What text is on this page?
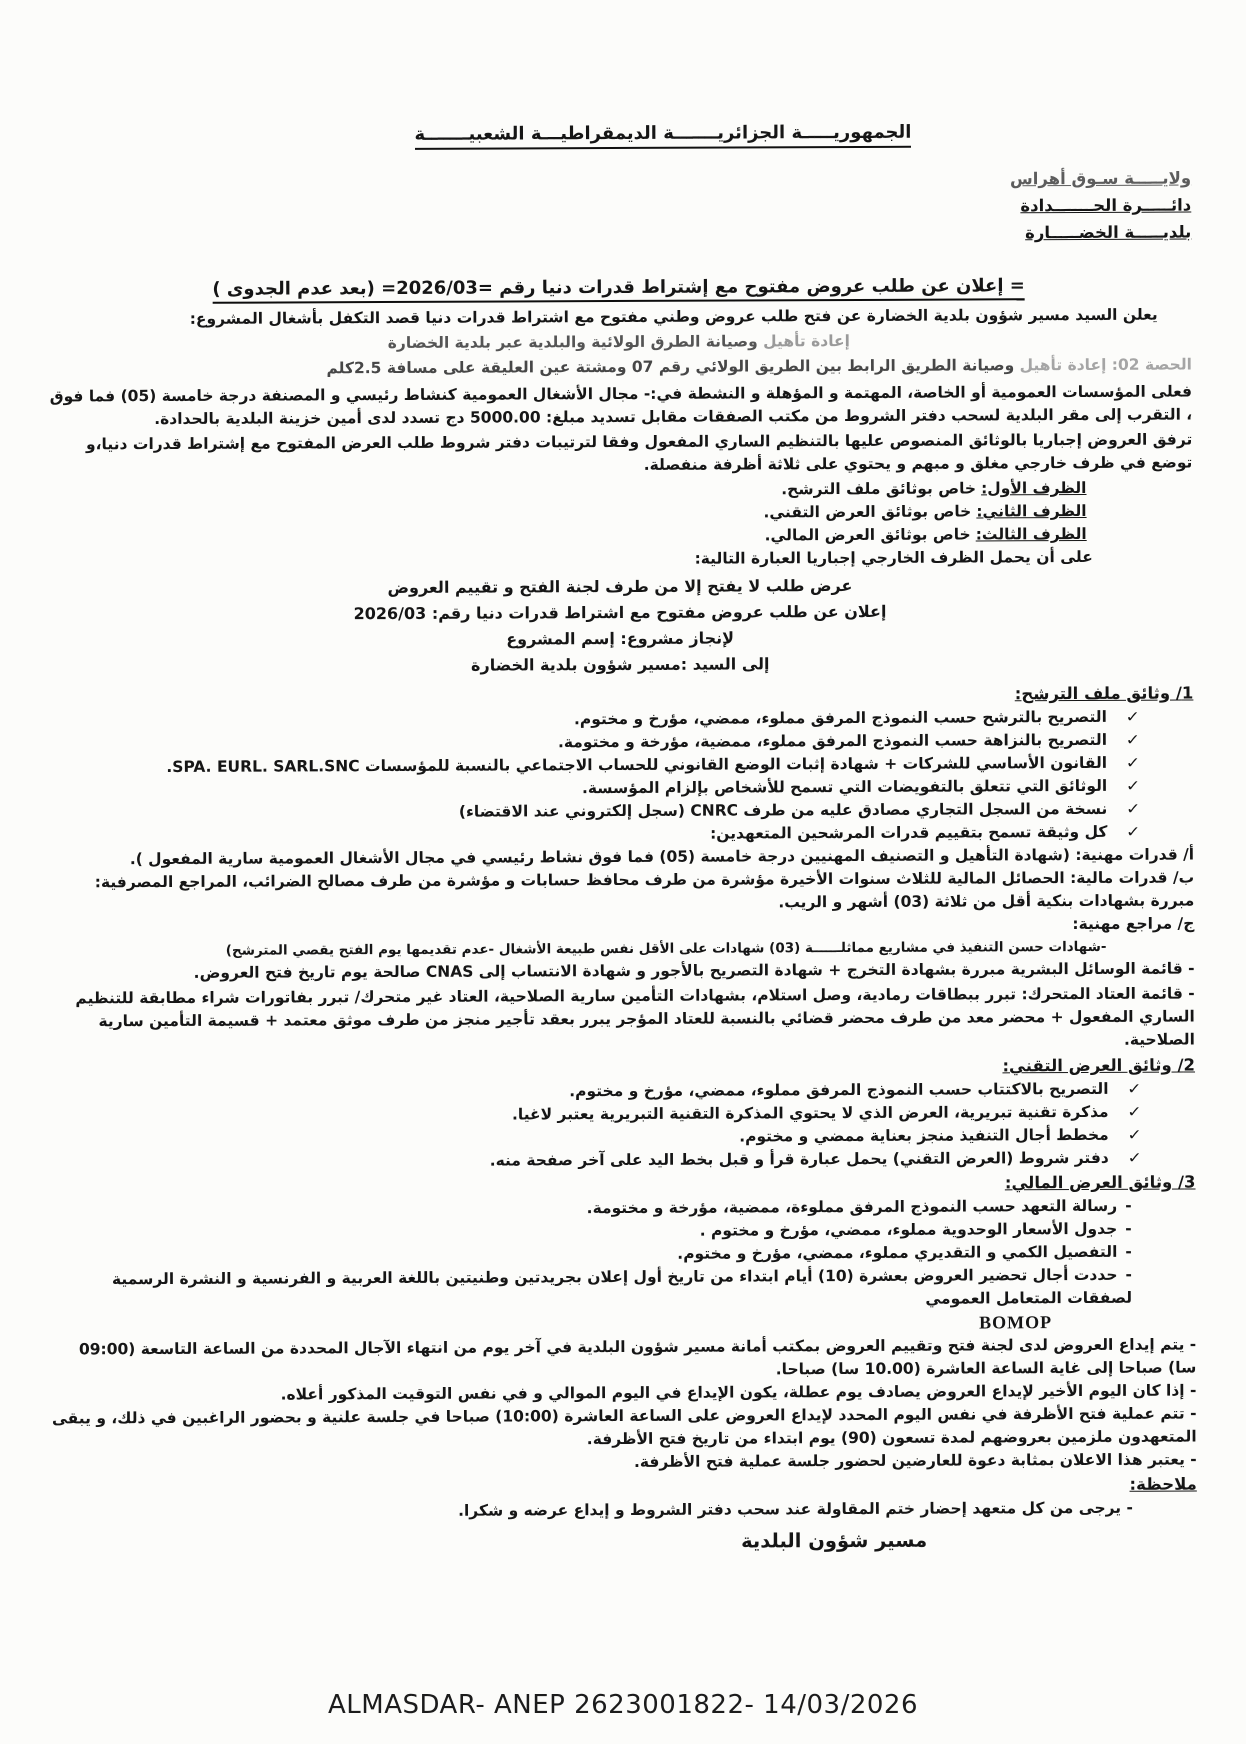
الجمهوريـــــة الجزائريـــــــة الديمقراطيـــة الشعبيـــــــة
ولايـــــة سـوق أهراس
دائـــــرة الحـــــــدادة
بلديـــــة الخضـــــارة
= إعلان عن طلب عروض مفتوح مع إشتراط قدرات دنيا رقم =2026/03= (بعد عدم الجدوى )

يعلن السيد مسير شؤون بلدية الخضارة عن فتح طلب عروض وطني مفتوح مع اشتراط قدرات دنيا قصد التكفل بأشغال المشروع:

إعادة تأهيل وصيانة الطرق الولائية والبلدية عبر بلدية الخضارة

الحصة 02: إعادة تأهيل وصيانة الطريق الرابط بين الطريق الولائي رقم 07 ومشتة عين العليقة على مسافة 2.5كلم

فعلى المؤسسات العمومية أو الخاصة، المهتمة و المؤهلة و النشطة في:- مجال الأشغال العمومية كنشاط رئيسي و المصنفة درجة خامسة (05) فما فوق ، التقرب إلى مقر البلدية لسحب دفتر الشروط من مكتب الصفقات مقابل تسديد مبلغ: 5000.00 دج تسدد لدى أمين خزينة البلدية بالحدادة.

ترفق العروض إجباريا بالوثائق المنصوص عليها بالتنظيم الساري المفعول وفقا لترتيبات دفتر شروط طلب العرض المفتوح مع إشتراط قدرات دنيا،و توضع في ظرف خارجي مغلق و مبهم و يحتوي على ثلاثة أظرفة منفصلة.

الظرف الأول:خاص بوثائق ملف الترشح.

الظرف الثاني:خاص بوثائق العرض التقني.

الظرف الثالث:خاص بوثائق العرض المالي.

على أن يحمل الظرف الخارجي إجباريا العبارة التالية:

عرض طلب لا يفتح إلا من طرف لجنة الفتح و تقييم العروض
إعلان عن طلب عروض مفتوح مع اشتراط قدرات دنيا رقم: 2026/03
لإنجاز مشروع: إسم المشروع
إلى السيد :مسير شؤون بلدية الخضارة

1/ وثائق ملف الترشح:

✓التصريح بالترشح حسب النموذج المرفق مملوء، ممضي، مؤرخ و مختوم.
✓التصريح بالنزاهة حسب النموذج المرفق مملوء، ممضية، مؤرخة و مختومة.
✓القانون الأساسي للشركات + شهادة إثبات الوضع القانوني للحساب الاجتماعي بالنسبة للمؤسسات SPA. EURL. SARL.SNC.
✓الوثائق التي تتعلق بالتفويضات التي تسمح للأشخاص بإلزام المؤسسة.
✓نسخة من السجل التجاري مصادق عليه من طرف CNRC (سجل إلكتروني عند الاقتضاء)
✓كل وثيقة تسمح بتقييم قدرات المرشحين المتعهدين:

أ/ قدرات مهنية: (شهادة التأهيل و التصنيف المهنيين درجة خامسة (05) فما فوق نشاط رئيسي في مجال الأشغال العمومية سارية المفعول ).

ب/ قدرات مالية: الحصائل المالية للثلاث سنوات الأخيرة مؤشرة من طرف محافظ حسابات و مؤشرة من طرف مصالح الضرائب، المراجع المصرفية: مبررة بشهادات بنكية أقل من ثلاثة (03) أشهر و الريب.

ج/ مراجع مهنية:

-شهادات حسن التنفيذ في مشاريع مماثلــــــة (03) شهادات على الأقل نفس طبيعة الأشغال -عدم تقديمها يوم الفتح يقصي المترشح)

- قائمة الوسائل البشرية مبررة بشهادة التخرج + شهادة التصريح بالأجور و شهادة الانتساب إلى CNAS صالحة يوم تاريخ فتح العروض.

- قائمة العتاد المتحرك: تبرر ببطاقات رمادية، وصل استلام، بشهادات التأمين سارية الصلاحية، العتاد غير متحرك/ تبرر بفاتورات شراء مطابقة للتنظيم الساري المفعول + محضر معد من طرف محضر قضائي بالنسبة للعتاد المؤجر يبرر بعقد تأجير منجز من طرف موثق معتمد + قسيمة التأمين سارية الصلاحية.

2/ وثائق العرض التقني:

✓التصريح بالاكتتاب حسب النموذج المرفق مملوء، ممضي، مؤرخ و مختوم.
✓مذكرة تقنية تبريرية، العرض الذي لا يحتوي المذكرة التقنية التبريرية يعتبر لاغيا.
✓مخطط أجال التنفيذ منجز بعناية ممضي و مختوم.
✓دفتر شروط (العرض التقني) يحمل عبارة قرأ و قبل بخط اليد على آخر صفحة منه.

3/ وثائق العرض المالي:

-رسالة التعهد حسب النموذج المرفق مملوءة، ممضية، مؤرخة و مختومة.
-جدول الأسعار الوحدوية مملوء، ممضي، مؤرخ و مختوم .
-التفصيل الكمي و التقديري مملوء، ممضي، مؤرخ و مختوم.
-حددت أجال تحضير العروض بعشرة (10) أيام ابتداء من تاريخ أول إعلان بجريدتين وطنيتين باللغة العربية و الفرنسية و النشرة الرسمية لصفقات المتعامل العمومي
BOMOP

- يتم إيداع العروض لدى لجنة فتح وتقييم العروض بمكتب أمانة مسير شؤون البلدية في آخر يوم من انتهاء الآجال المحددة من الساعة التاسعة (09:00 سا) صباحا إلى غاية الساعة العاشرة (10.00 سا) صباحا.

- إذا كان اليوم الأخير لإيداع العروض يصادف يوم عطلة، يكون الإيداع في اليوم الموالي و في نفس التوقيت المذكور أعلاه.

- تتم عملية فتح الأظرفة في نفس اليوم المحدد لإيداع العروض على الساعة العاشرة (10:00) صباحا في جلسة علنية و بحضور الراغبين في ذلك، و يبقى المتعهدون ملزمين بعروضهم لمدة تسعون (90) يوم ابتداء من تاريخ فتح الأظرفة.

- يعتبر هذا الاعلان بمثابة دعوة للعارضين لحضور جلسة عملية فتح الأظرفة.

ملاحظة:

- يرجى من كل متعهد إحضار ختم المقاولة عند سحب دفتر الشروط و إيداع عرضه و شكرا.

مسير شؤون البلدية
ALMASDAR- ANEP 2623001822- 14/03/2026
